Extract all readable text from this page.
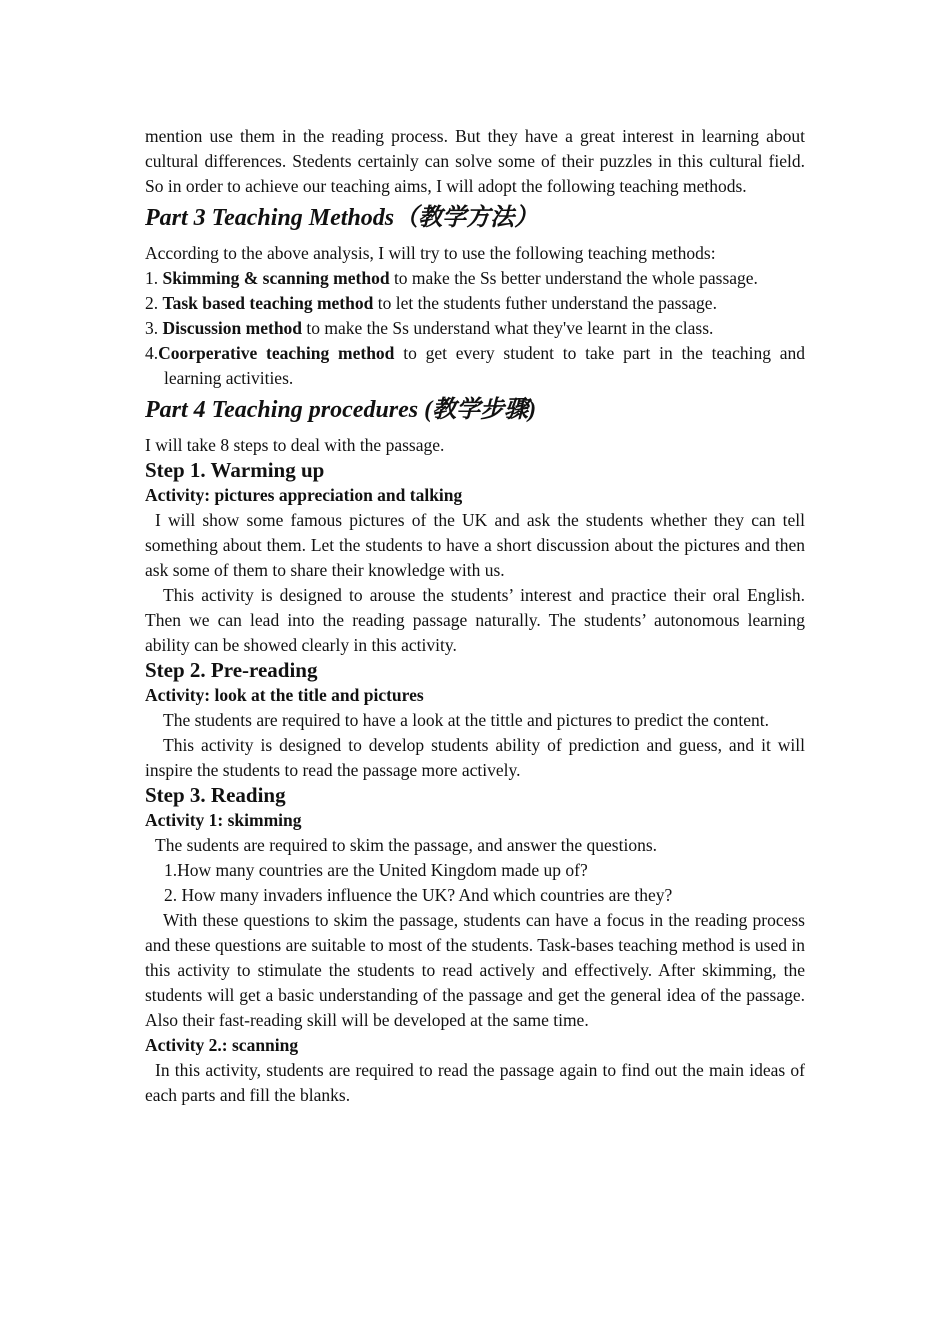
mention use them in the reading process. But they have a great interest in learning about cultural differences. Stedents certainly can solve some of their puzzles in this cultural field. So in order to achieve our teaching aims, I will adopt the following teaching methods.

Part 3 Teaching Methods（教学方法）

According to the above analysis, I will try to use the following teaching methods:

1. Skimming & scanning method to make the Ss better understand the whole passage.

2. Task based teaching method to let the students futher understand the passage.

3. Discussion method to make the Ss understand what they've learnt in the class.

4.Coorperative teaching method to get every student to take part in the teaching and learning activities.

Part 4 Teaching procedures (教学步骤)

I will take 8 steps to deal with the passage.

Step 1. Warming up

Activity: pictures appreciation and talking

I will show some famous pictures of the UK and ask the students whether they can tell something about them. Let the students to have a short discussion about the pictures and then ask some of them to share their knowledge with us.

This activity is designed to arouse the students’ interest and practice their oral English. Then we can lead into the reading passage naturally. The students’ autonomous learning ability can be showed clearly in this activity.

Step 2. Pre-reading

Activity: look at the title and pictures

The students are required to have a look at the tittle and pictures to predict the content.

This activity is designed to develop students ability of prediction and guess, and it will inspire the students to read the passage more actively.

Step 3. Reading

Activity 1: skimming

The sudents are required to skim the passage, and answer the questions.

1.How many countries are the United Kingdom made up of?

2. How many invaders influence the UK? And which countries are they?

With these questions to skim the passage, students can have a focus in the reading process and these questions are suitable to most of the students. Task-bases teaching method is used in this activity to stimulate the students to read actively and effectively. After skimming, the students will get a basic understanding of the passage and get the general idea of the passage. Also their fast-reading skill will be developed at the same time.

Activity 2.: scanning

In this activity, students are required to read the passage again to find out the main ideas of each parts and fill the blanks.
